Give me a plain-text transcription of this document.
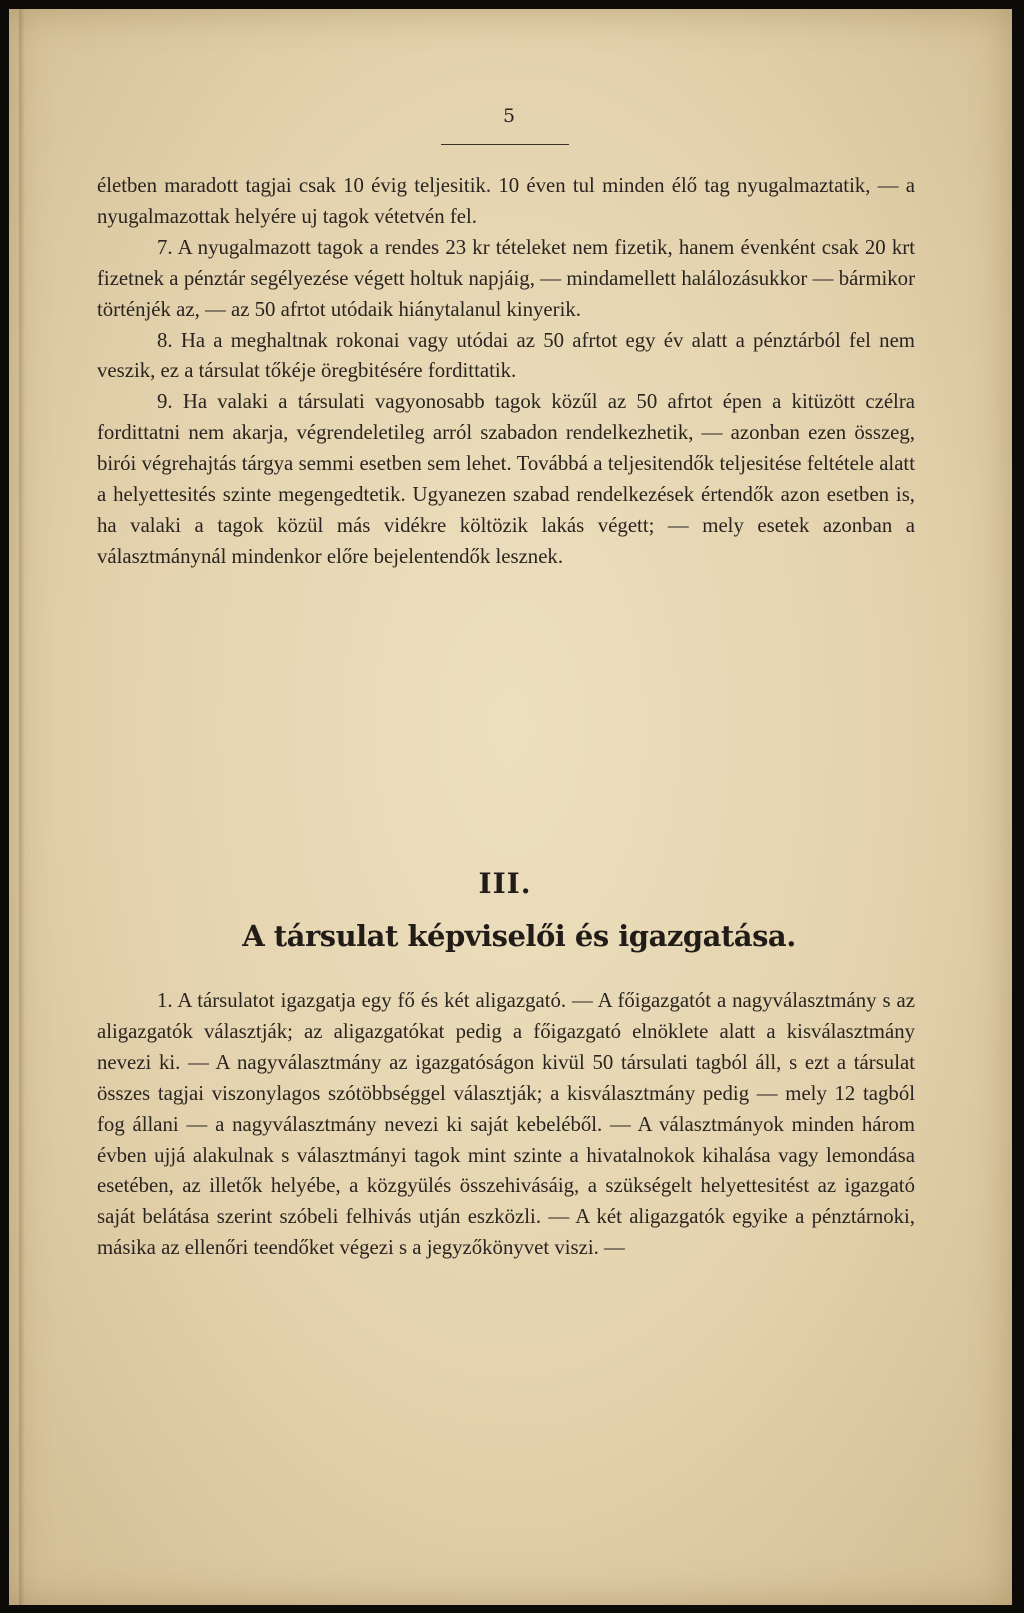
5

életben maradott tagjai csak 10 évig teljesitik. 10 éven tul minden élő tag nyugalmaztatik, — a nyugalmazottak helyére uj tagok vétetvén fel.

7. A nyugalmazott tagok a rendes 23 kr tételeket nem fizetik, hanem évenként csak 20 krt fizetnek a pénztár segélyezése végett holtuk napjáig, — mindamellett halálozásukkor — bármikor történjék az, — az 50 afrtot utódaik hiánytalanul kinyerik.

8. Ha a meghaltnak rokonai vagy utódai az 50 afrtot egy év alatt a pénztárból fel nem veszik, ez a társulat tőkéje öregbitésére fordittatik.

9. Ha valaki a társulati vagyonosabb tagok közűl az 50 afrtot épen a kitüzött czélra fordittatni nem akarja, végrendeletileg arról szabadon rendelkezhetik, — azonban ezen összeg, birói végrehajtás tárgya semmi esetben sem lehet. Továbbá a teljesitendők teljesitése feltétele alatt a helyettesités szinte megengedtetik. Ugyanezen szabad rendelkezések értendők azon esetben is, ha valaki a tagok közül más vidékre költözik lakás végett; — mely esetek azonban a választmánynál mindenkor előre bejelentendők lesznek.

III.
A társulat képviselői és igazgatása.

1. A társulatot igazgatja egy fő és két aligazgató. — A főigazgatót a nagyválasztmány s az aligazgatók választják; az aligazgatókat pedig a főigazgató elnöklete alatt a kisválasztmány nevezi ki. — A nagyválasztmány az igazgatóságon kivül 50 társulati tagból áll, s ezt a társulat összes tagjai viszonylagos szótöbbséggel választják; a kisválasztmány pedig — mely 12 tagból fog állani — a nagyválasztmány nevezi ki saját kebeléből. — A választmányok minden három évben ujjá alakulnak s választmányi tagok mint szinte a hivatalnokok kihalása vagy lemondása esetében, az illetők helyébe, a közgyülés összehivásáig, a szükségelt helyettesitést az igazgató saját belátása szerint szóbeli felhivás utján eszközli. — A két aligazgatók egyike a pénztárnoki, másika az ellenőri teendőket végezi s a jegyzőkönyvet viszi. —
